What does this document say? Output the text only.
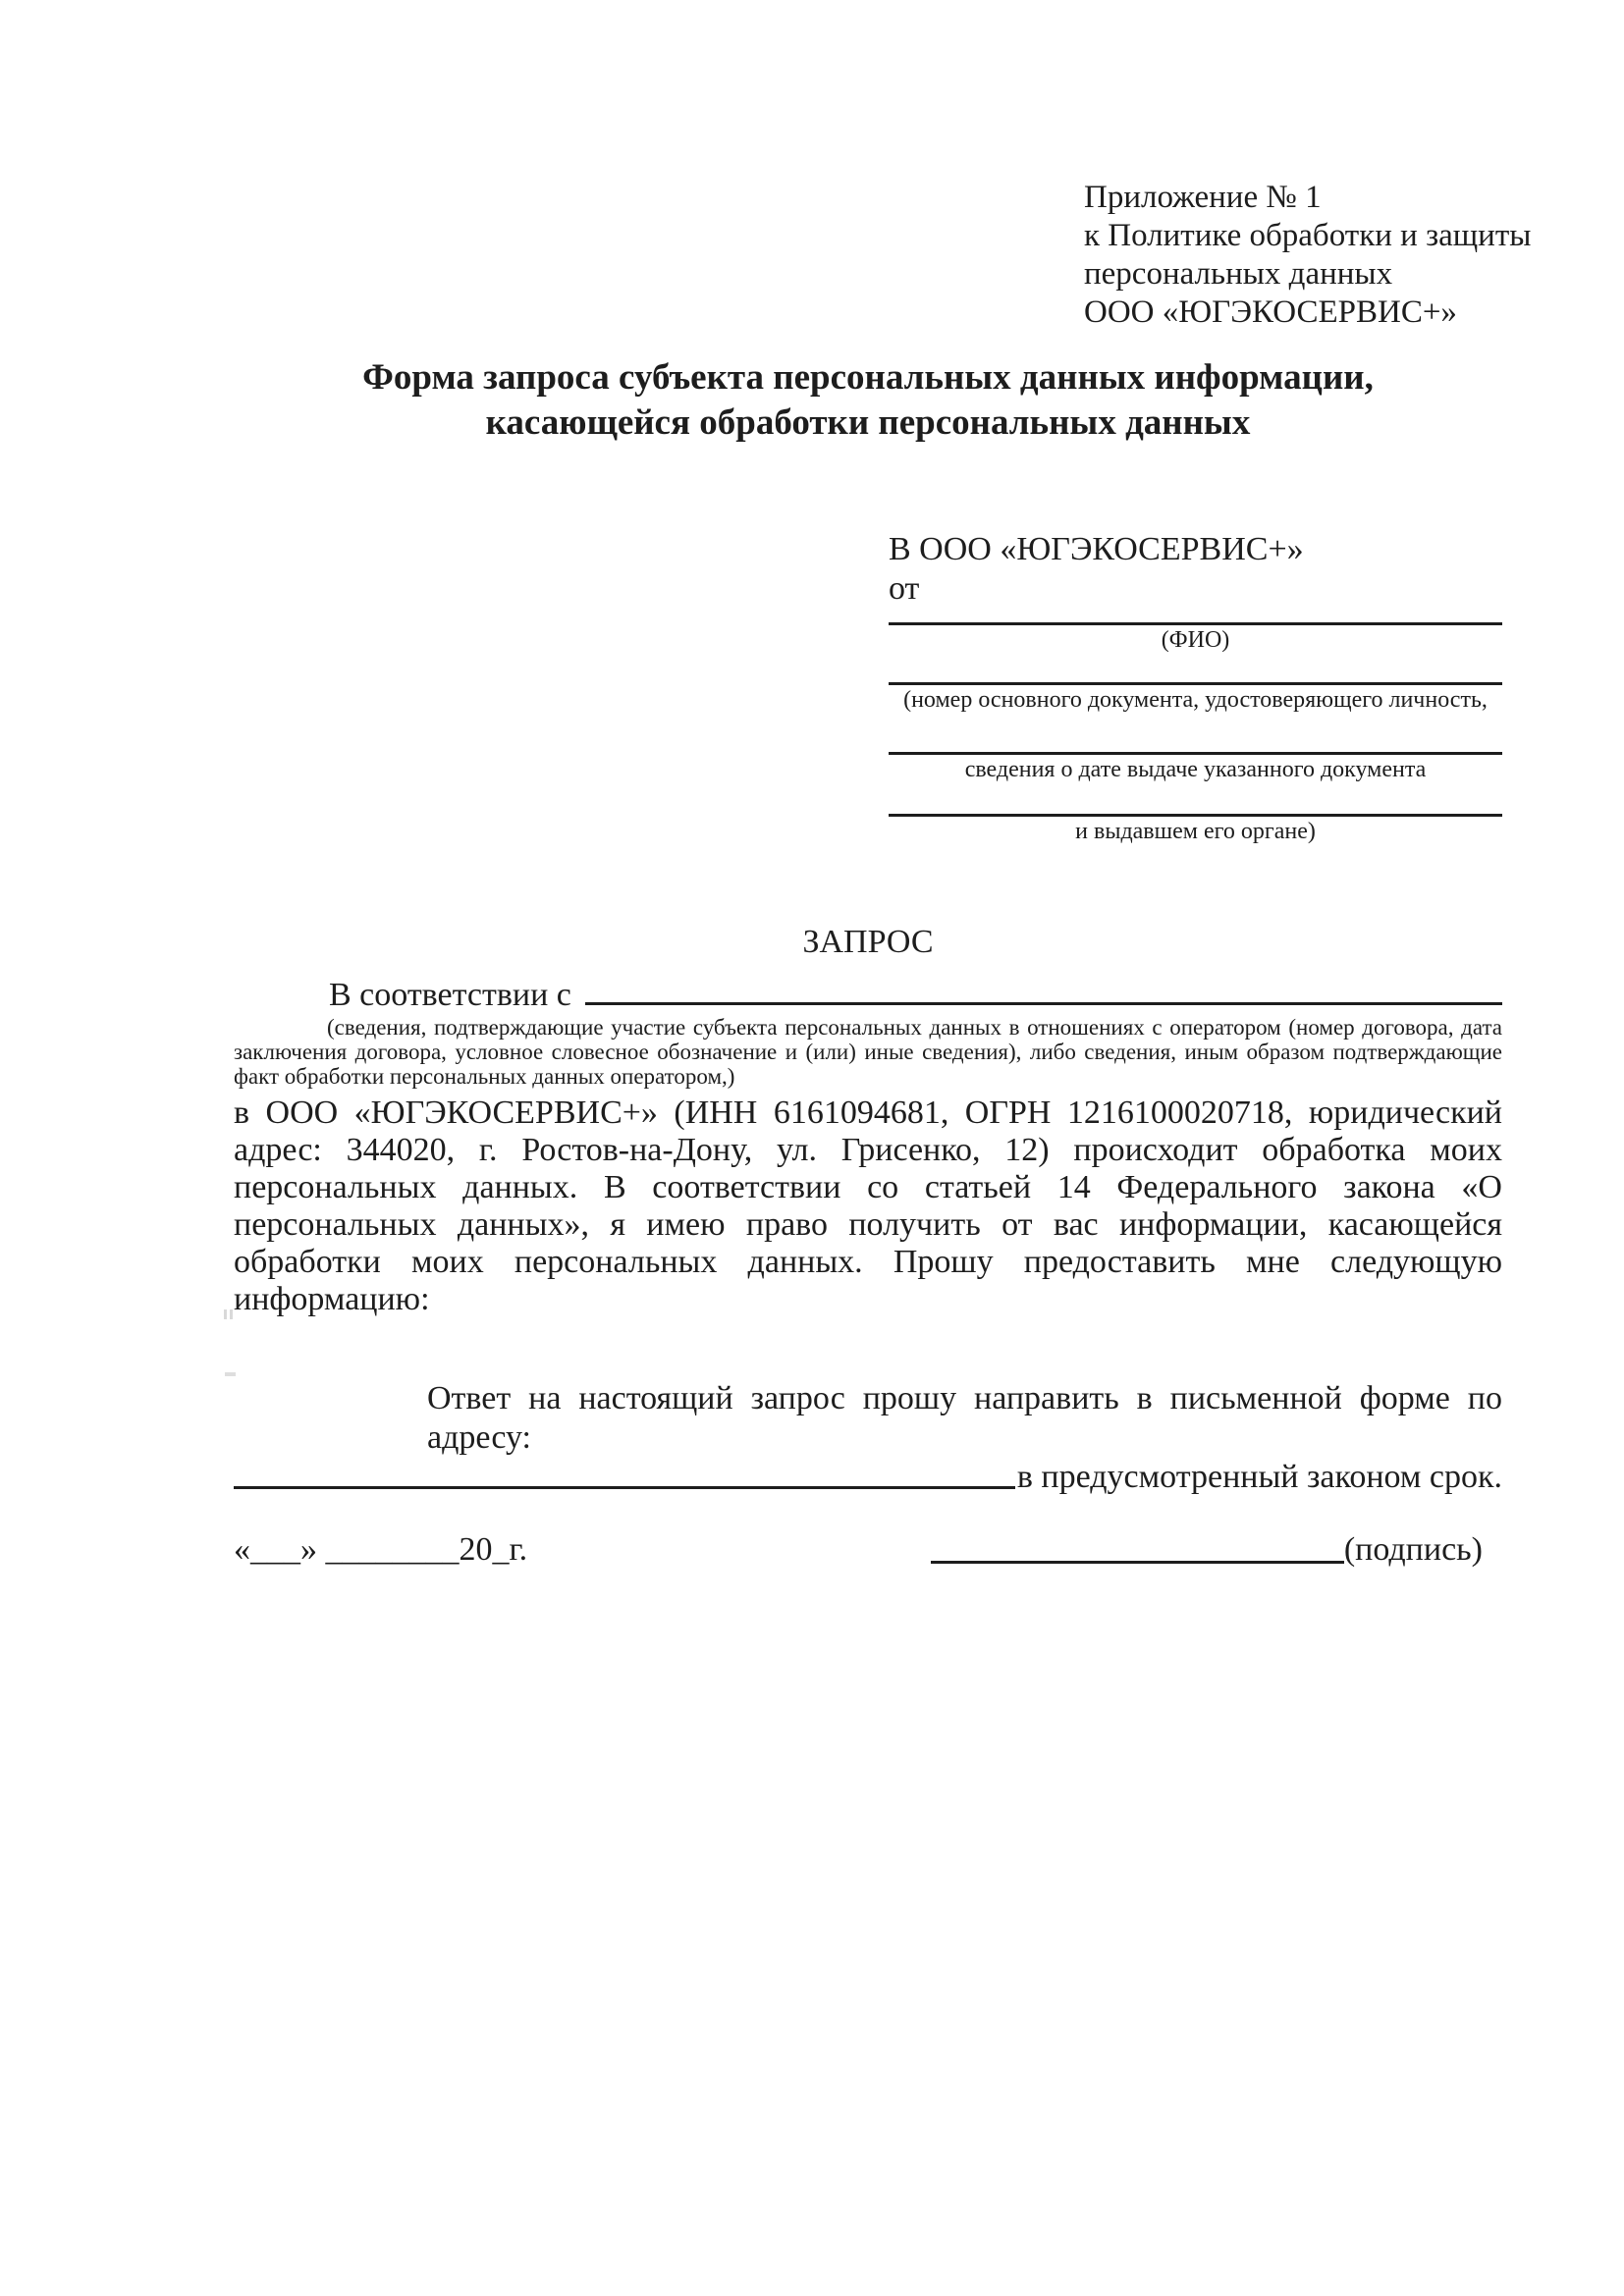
Приложение № 1
к Политике обработки и защиты
персональных данных
ООО «ЮГЭКОСЕРВИС+»
Форма запроса субъекта персональных данных информации,
касающейся обработки персональных данных
В ООО «ЮГЭКОСЕРВИС+»
от
(ФИО)
(номер основного документа, удостоверяющего личность,
сведения о дате выдаче указанного документа
и выдавшем его органе)
ЗАПРОС
В соответствии с
(сведения, подтверждающие участие субъекта персональных данных в отношениях с оператором (номер договора, дата заключения договора, условное словесное обозначение и (или) иные сведения), либо сведения, иным образом подтверждающие факт обработки персональных данных оператором,)
в ООО «ЮГЭКОСЕРВИС+» (ИНН 6161094681, ОГРН 1216100020718, юридический адрес: 344020, г. Ростов-на-Дону, ул. Грисенко, 12) происходит обработка моих персональных данных. В соответствии со статьей 14 Федерального закона «О персональных данных», я имею право получить от вас информации, касающейся обработки моих персональных данных. Прошу предоставить мне следующую информацию:
Ответ на настоящий запрос прошу направить в письменной форме по адресу:
в предусмотренный законом срок.
«___» ________20_г.	(подпись)
